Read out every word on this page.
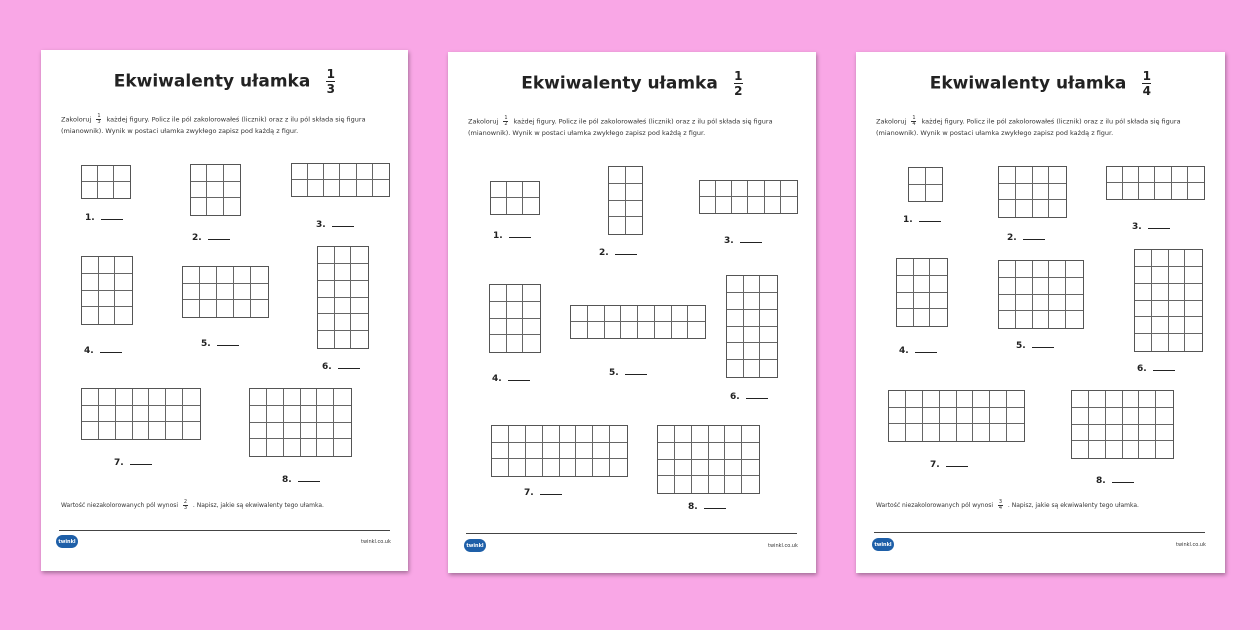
Ekwiwalenty ułamka $\frac{1}{3}$
Zakoloruj $\frac{1}{3}$ każdej figury. Policz ile pól zakolorowałeś (licznik) oraz z ilu pól składa się figura (mianownik). Wynik w postaci ułamka zwykłego zapisz pod każdą z figur.
1.
2.
3.
4.
5.
6.
7.
8.
Wartość niezakolorowanych pól wynosi $\frac{2}{3}$ . Napisz, jakie są ekwiwalenty tego ułamka.
twinkl	twinkl.co.uk
Ekwiwalenty ułamka $\frac{1}{2}$
Zakoloruj $\frac{1}{2}$ każdej figury. Policz ile pól zakolorowałeś (licznik) oraz z ilu pól składa się figura (mianownik). Wynik w postaci ułamka zwykłego zapisz pod każdą z figur.
1.
2.
3.
4.
5.
6.
7.
8.
twinkl	twinkl.co.uk
Ekwiwalenty ułamka $\frac{1}{4}$
Zakoloruj $\frac{1}{4}$ każdej figury. Policz ile pól zakolorowałeś (licznik) oraz z ilu pól składa się figura (mianownik). Wynik w postaci ułamka zwykłego zapisz pod każdą z figur.
1.
2.
3.
4.	5.
6.
7.
8.
Wartość niezakolorowanych pól wynosi $\frac{3}{4}$ . Napisz, jakie są ekwiwalenty tego ułamka.
twinkl	twinkl.co.uk
